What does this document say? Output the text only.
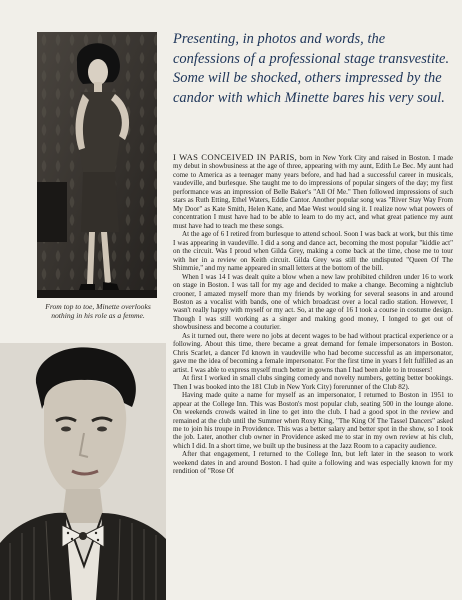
From top to toe, Minette overlooks nothing in his role as a femme.
Presenting, in photos and words, the confessions of a professional stage transvestite. Some will be shocked, others impressed by the candor with which Minette bares his very soul.

I WAS CONCEIVED IN PARIS, born in New York City and raised in Boston. I made my debut in showbusiness at the age of three, appearing with my aunt, Edith Le Bec. My aunt had come to America as a teenager many years before, and had had a successful career in musicals, vaudeville, and burlesque. She taught me to do impressions of popular singers of the day; my first performance was an impression of Belle Baker's "All Of Me." Then followed impressions of such stars as Ruth Etting, Ethel Waters, Eddie Cantor. Another popular song was "River Stay Way From My Door" as Kate Smith, Helen Kane, and Mae West would sing it. I realize now what powers of concentration I must have had to be able to learn to do my act, and what great patience my aunt must have had to teach me these songs.

At the age of 6 I retired from burlesque to attend school. Soon I was back at work, but this time I was appearing in vaudeville. I did a song and dance act, becoming the most popular "kiddie act" on the circuit. Was I proud when Gilda Grey, making a come back at the time, chose me to tour with her in a review on Keith circuit. Gilda Grey was still the undisputed "Queen Of The Shimmie," and my name appeared in small letters at the bottom of the bill.

When I was 14 I was dealt quite a blow when a new law prohibited children under 16 to work on stage in Boston. I was tall for my age and decided to make a change. Becoming a nightclub crooner, I amazed myself more than my friends by working for several seasons in and around Boston as a vocalist with bands, one of which broadcast over a local radio station. However, I wasn't really happy with myself or my act. So, at the age of 16 I took a course in costume design. Though I was still working as a singer and making good money, I longed to get out of showbusiness and become a couturier.

As it turned out, there were no jobs at decent wages to be had without practical experience or a following. About this time, there became a great demand for female impersonators in Boston. Chris Scarlet, a dancer I'd known in vaudeville who had become successful as an impersonator, gave me the idea of becoming a female impersonator. For the first time in years I felt fulfilled as an artist. I was able to express myself much better in gowns than I had been able to in trousers!

At first I worked in small clubs singing comedy and novelty numbers, getting better bookings. Then I was booked into the 181 Club in New York City) forerunner of the Club 82).

Having made quite a name for myself as an impersonator, I returned to Boston in 1951 to appear at the College Inn. This was Boston's most popular club, seating 500 in the lounge alone. On weekends crowds waited in line to get into the club. I had a good spot in the review and remained at the club until the Summer when Roxy King, "The King Of The Tassel Dancers" asked me to join his troupe in Providence. This was a better salary and better spot in the show, so I took the job. Later, another club owner in Providence asked me to star in my own review at his club, which I did. In a short time, we built up the business at the Jazz Room to a capacity audience.

After that engagement, I returned to the College Inn, but left later in the season to work weekend dates in and around Boston. I had quite a following and was especially known for my rendition of "Rose Of
